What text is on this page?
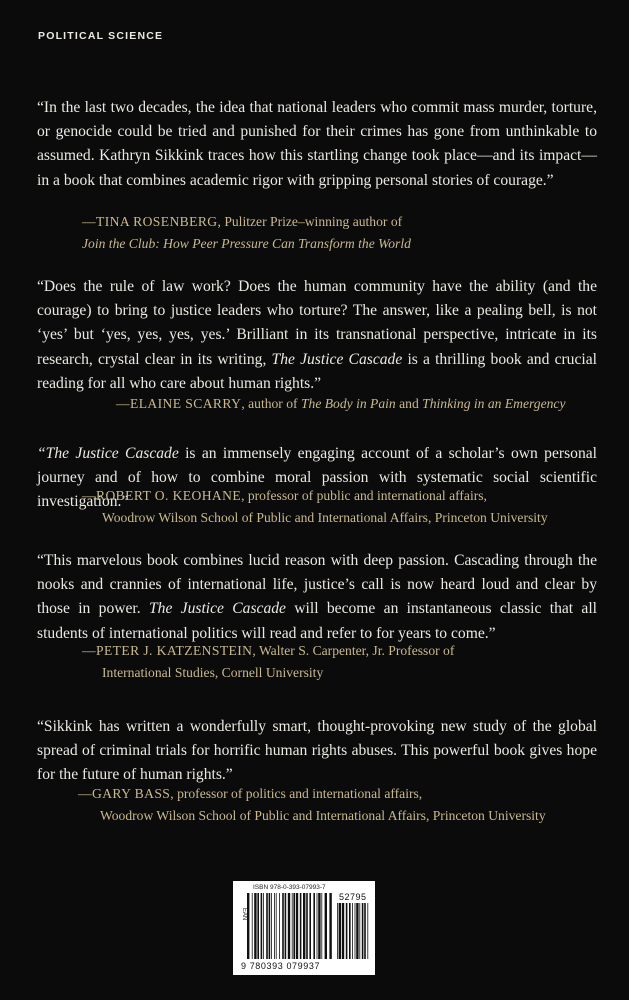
POLITICAL SCIENCE
“In the last two decades, the idea that national leaders who commit mass murder, torture, or genocide could be tried and punished for their crimes has gone from unthinkable to assumed. Kathryn Sikkink traces how this startling change took place—and its impact—in a book that combines academic rigor with gripping personal stories of courage.”
—TINA ROSENBERG, Pulitzer Prize–winning author of
Join the Club: How Peer Pressure Can Transform the World
“Does the rule of law work? Does the human community have the ability (and the courage) to bring to justice leaders who torture? The answer, like a pealing bell, is not ‘yes’ but ‘yes, yes, yes, yes.’ Brilliant in its transnational perspective, intricate in its research, crystal clear in its writing, The Justice Cascade is a thrilling book and crucial reading for all who care about human rights.”
—ELAINE SCARRY, author of The Body in Pain and Thinking in an Emergency
“The Justice Cascade is an immensely engaging account of a scholar’s own personal journey and of how to combine moral passion with systematic social scientific investigation.”
—ROBERT O. KEOHANE, professor of public and international affairs,
Woodrow Wilson School of Public and International Affairs, Princeton University
“This marvelous book combines lucid reason with deep passion. Cascading through the nooks and crannies of international life, justice’s call is now heard loud and clear by those in power. The Justice Cascade will become an instantaneous classic that all students of international politics will read and refer to for years to come.”
—PETER J. KATZENSTEIN, Walter S. Carpenter, Jr. Professor of
International Studies, Cornell University
“Sikkink has written a wonderfully smart, thought-provoking new study of the global spread of criminal trials for horrific human rights abuses. This powerful book gives hope for the future of human rights.”
—GARY BASS, professor of politics and international affairs,
Woodrow Wilson School of Public and International Affairs, Princeton University
ISBN 978-0-393-07993-7
EAN
52795
9 780393 079937
